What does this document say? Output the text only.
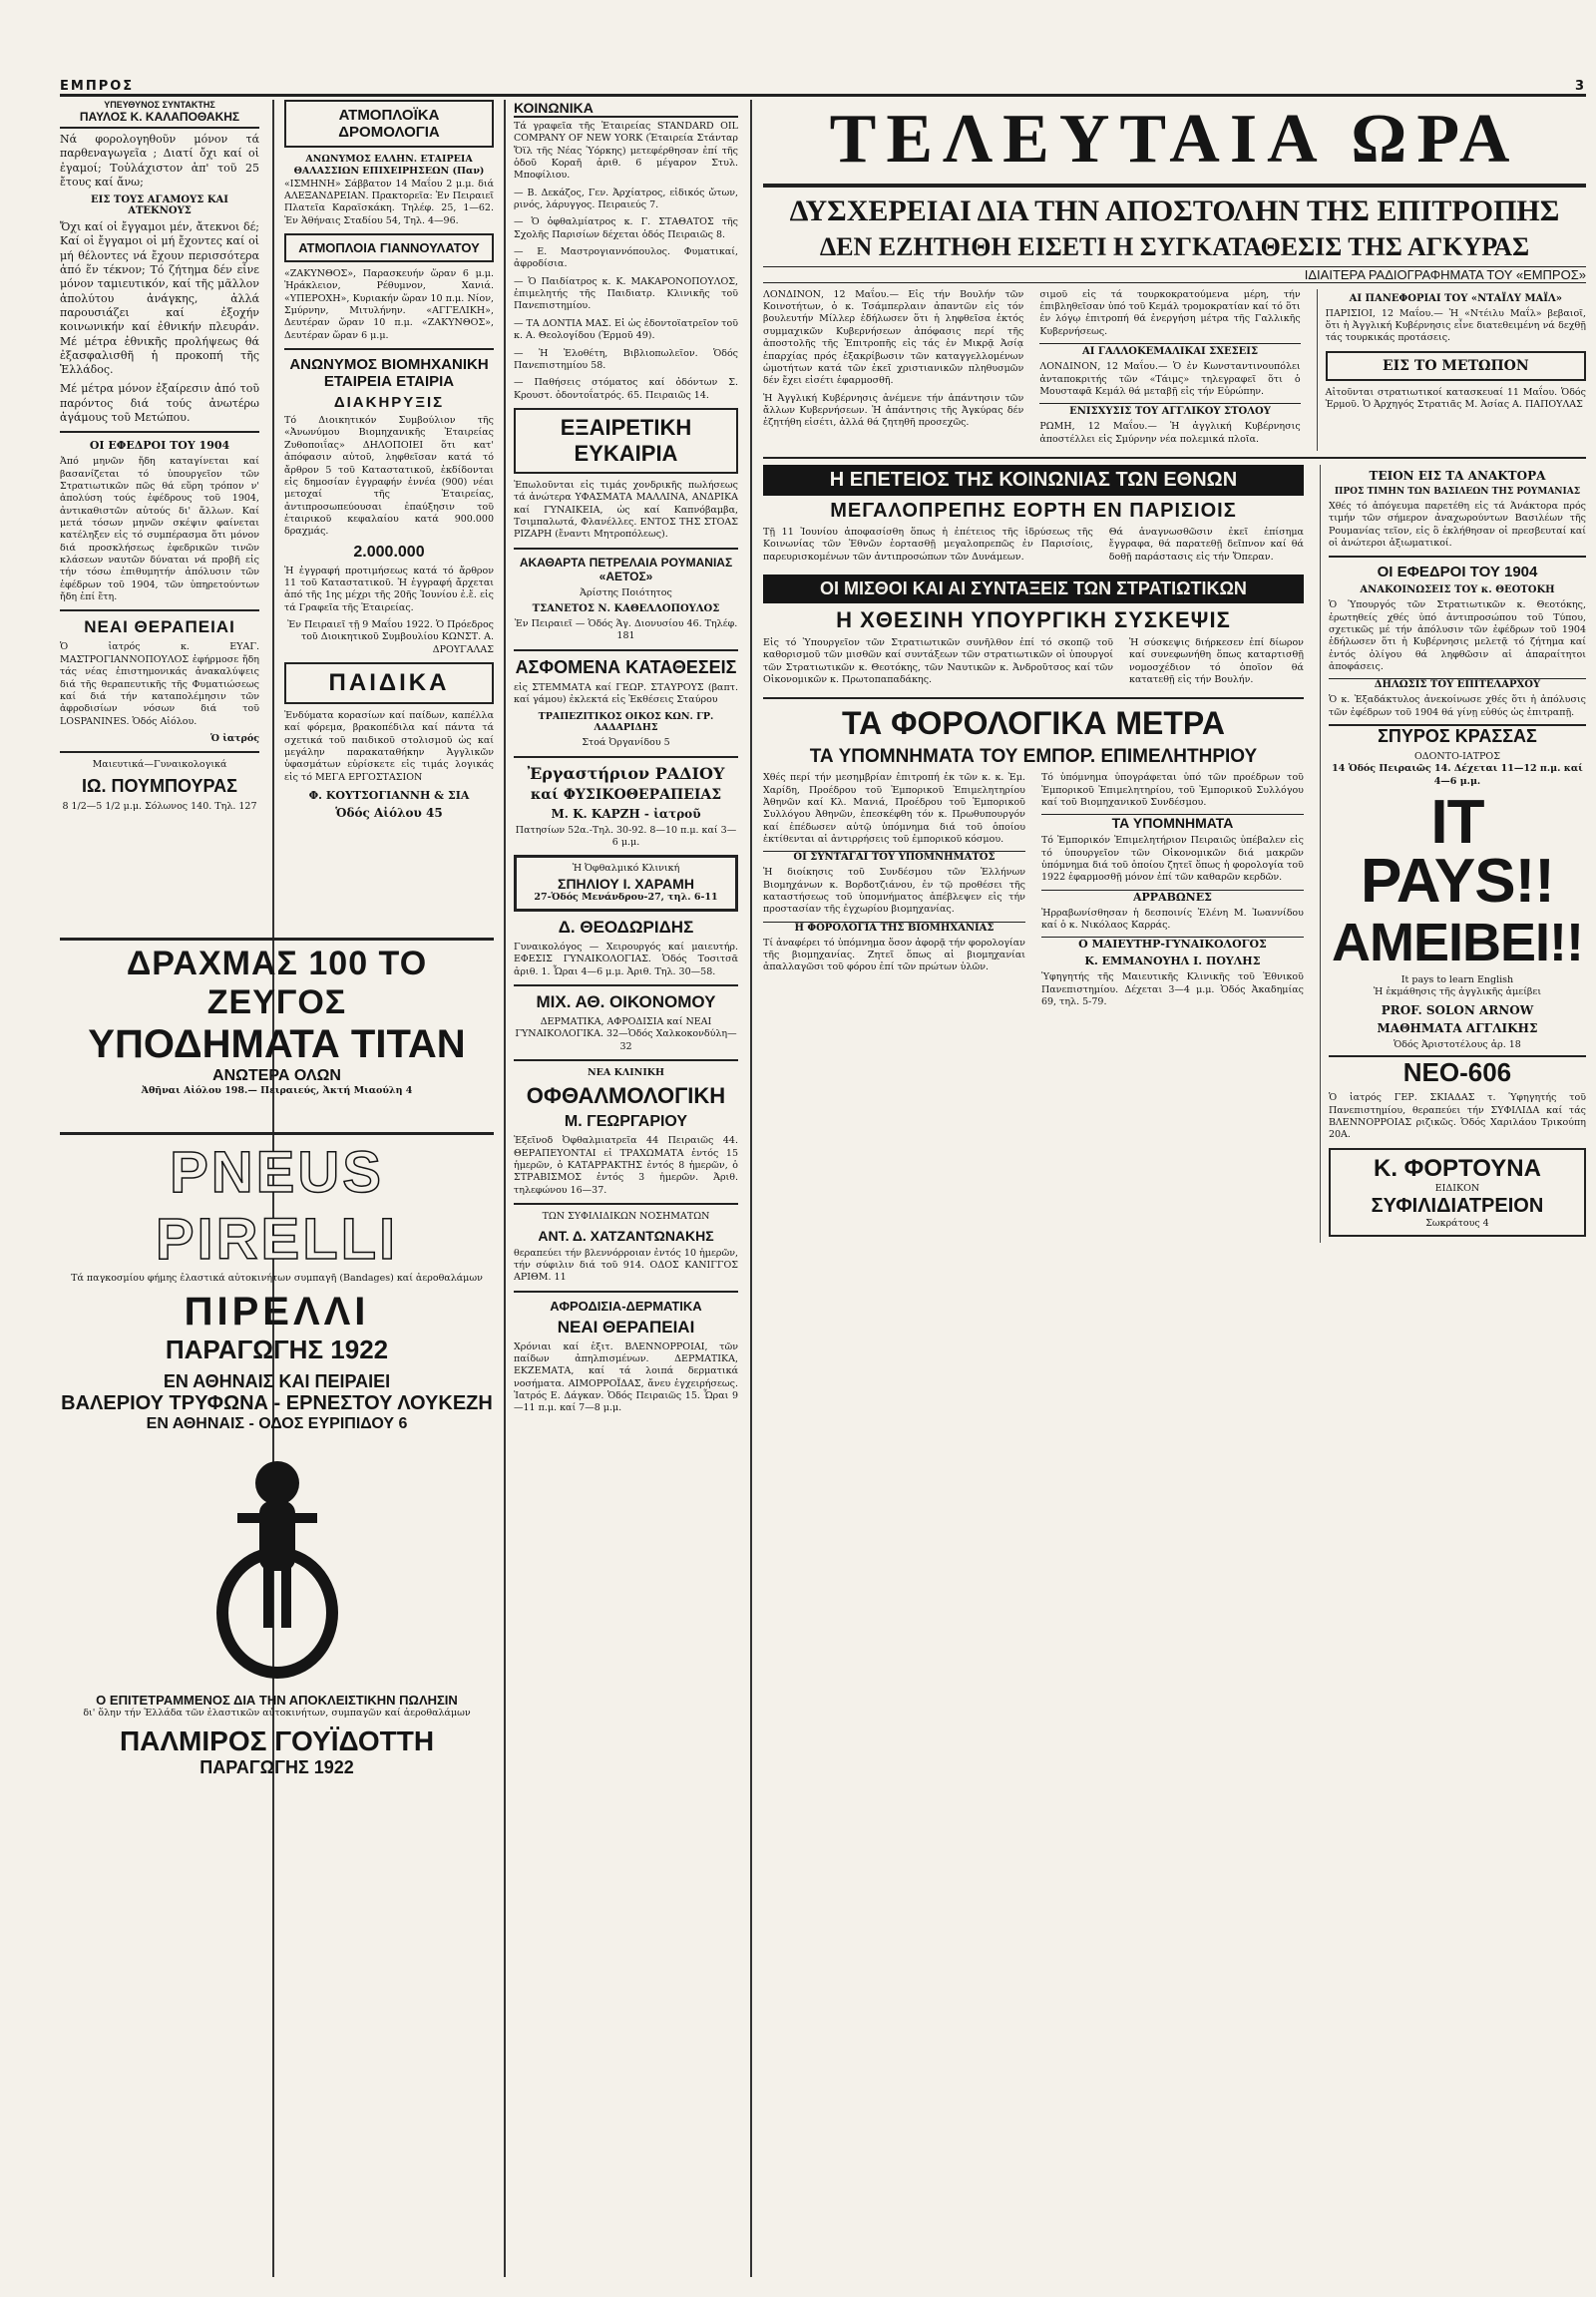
ΕΜΠΡΟΣ	3
ΥΠΕΥΘΥΝΟΣ ΣΥΝΤΑΚΤΗΣ
ΠΑΥΛΟΣ Κ. ΚΑΛΑΠΟΘΑΚΗΣ

Νά φορολογηθοῦν μόνον τά παρθεναγωγεῖα ; Διατί ὄχι καί οἱ ἐγαμοί; Τοὐλάχιστον ἀπ' τοῦ 25 ἔτους καί ἄνω;

ΕΙΣ ΤΟΥΣ ΑΓΑΜΟΥΣ ΚΑΙ ΑΤΕΚΝΟΥΣ

Ὄχι καί οἱ ἔγγαμοι μέν, ἄτεκνοι δέ; Καί οἱ ἔγγαμοι οἱ μή ἔχοντες καί οἱ μή θέλοντες νά ἔχουν περισσότερα ἀπό ἕν τέκνον; Τό ζήτημα δέν εἶνε μόνον ταμιευτικόν, καί τῆς μᾶλλον ἀπολύτου ἀνάγκης, ἀλλά παρουσιάζει καί ἐξοχήν κοινωνικήν καί ἐθνικήν πλευράν. Μέ μέτρα ἐθνικῆς προλήψεως θά ἐξασφαλισθῆ ἡ προκοπή τῆς Ἑλλάδος.

Μέ μέτρα μόνον ἐξαίρεσιν ἀπό τοῦ παρόντος διά τούς ἀνωτέρω ἀγάμους τοῦ Μετώπου.

ΟΙ ΕΦΕΔΡΟΙ ΤΟΥ 1904

Ἀπό μηνῶν ἤδη καταγίνεται καί βασανίζεται τό ὑπουργεῖον τῶν Στρατιωτικῶν πῶς θά εὕρη τρόπον ν' ἀπολύση τούς ἐφέδρους τοῦ 1904, ἀντικαθιστῶν αὐτούς δι' ἄλλων. Καί μετά τόσων μηνῶν σκέψιν φαίνεται κατέληξεν εἰς τό συμπέρασμα ὅτι μόνον διά προσκλήσεως ἐφεδρικῶν τινῶν κλάσεων ναυτῶν δύναται νά προβῆ εἰς τήν τόσω ἐπιθυμητήν ἀπόλυσιν τῶν ἐφέδρων τοῦ 1904, τῶν ὑπηρετούντων ἤδη ἐπί ἔτη.

ΝΕΑΙ ΘΕΡΑΠΕΙΑΙ

Ὁ ἰατρός κ. ΕΥΑΓ. ΜΑΣΤΡΟΓΙΑΝΝΟΠΟΥΛΟΣ ἐφήρμοσε ἤδη τάς νέας ἐπιστημονικάς ἀνακαλύψεις διά τῆς θεραπευτικῆς τῆς Φυματιώσεως καί διά τήν καταπολέμησιν τῶν ἀφροδισίων νόσων διά τοῦ LOSPANINES. Ὁδός Αἰόλου.

Ὁ ἰατρός
Μαιευτικά—Γυναικολογικά
ΙΩ. ΠΟΥΜΠΟΥΡΑΣ
8 1/2—5 1/2 μ.μ. Σόλωνος 140. Τηλ. 127
ΔΡΑΧΜΑΣ 100 ΤΟ ΖΕΥΓΟΣ
ΥΠΟΔΗΜΑΤΑ ΤΙΤΑΝ
ΑΝΩΤΕΡΑ ΟΛΩΝ
Ἀθῆναι Αἰόλου 198.— Πειραιεύς, Ἀκτή Μιαούλη 4
PNEUS PIRELLI

Τά παγκοσμίου φήμης ἐλαστικά αὐτοκινήτων συμπαγῆ (Bandages) καί ἀεροθαλάμων

ΠΙΡΕΛΛΙ
ΠΑΡΑΓΩΓΗΣ 1922
ΕΝ ΑΘΗΝΑΙΣ ΚΑΙ ΠΕΙΡΑΙΕΙ
ΒΑΛΕΡΙΟΥ ΤΡΥΦΩΝΑ - ΕΡΝΕΣΤΟΥ ΛΟΥΚΕΖΗ
ΕΝ ΑΘΗΝΑΙΣ - ΟΔΟΣ ΕΥΡΙΠΙΔΟΥ 6
Ο ΕΠΙΤΕΤΡΑΜΜΕΝΟΣ ΔΙΑ ΤΗΝ ΑΠΟΚΛΕΙΣΤΙΚΗΝ ΠΩΛΗΣΙΝ

δι' ὅλην τήν Ἑλλάδα τῶν ἐλαστικῶν αὐτοκινήτων, συμπαγῶν καί ἀεροθαλάμων

ΠΑΛΜΙΡΟΣ ΓΟΥΪΔΟΤΤΗ
ΠΑΡΑΓΩΓΗΣ 1922
ΑΤΜΟΠΛΟΪΚΑ ΔΡΟΜΟΛΟΓΙΑ
ΑΝΩΝΥΜΟΣ ΕΛΛΗΝ. ΕΤΑΙΡΕΙΑ ΘΑΛΑΣΣΙΩΝ ΕΠΙΧΕΙΡΗΣΕΩΝ (Παν)

«ΙΣΜΗΝΗ» Σάββατον 14 Μαΐου 2 μ.μ. διά ΑΛΕΞΑΝΔΡΕΙΑΝ. Πρακτορεῖα: Ἐν Πειραιεῖ Πλατεῖα Καραϊσκάκη. Τηλέφ. 25, 1—62. Ἐν Ἀθήναις Σταδίου 54, Τηλ. 4—96.

ΑΤΜΟΠΛΟΙΑ ΓΙΑΝΝΟΥΛΑΤΟΥ

«ΖΑΚΥΝΘΟΣ», Παρασκευήν ὥραν 6 μ.μ. Ἠράκλειον, Ρέθυμνον, Χανιά. «ΥΠΕΡΟΧΗ», Κυριακήν ὥραν 10 π.μ. Νίον, Σμύρνην, Μιτυλήνην. «ΑΓΓΕΛΙΚΗ», Δευτέραν ὥραν 10 π.μ. «ΖΑΚΥΝΘΟΣ», Δευτέραν ὥραν 6 μ.μ.

ΑΝΩΝΥΜΟΣ ΒΙΟΜΗΧΑΝΙΚΗ ΕΤΑΙΡΕΙΑ ΕΤΑΙΡΙΑ
ΔΙΑΚΗΡΥΞΙΣ

Τό Διοικητικόν Συμβούλιον τῆς «Ἀνωνύμου Βιομηχανικῆς Ἑταιρείας Ζυθοποιΐας» ΔΗΛΟΠΟΙΕΙ ὅτι κατ' ἀπόφασιν αὐτοῦ, ληφθεῖσαν κατά τό ἄρθρον 5 τοῦ Καταστατικοῦ, ἐκδίδονται εἰς δημοσίαν ἐγγραφήν ἐννέα (900) νέαι μετοχαί τῆς Ἑταιρείας, ἀντιπροσωπεύουσαι ἐπαύξησιν τοῦ ἑταιρικοῦ κεφαλαίου κατά 900.000 δραχμάς.

2.000.000

Ἡ ἐγγραφή προτιμήσεως κατά τό ἄρθρον 11 τοῦ Καταστατικοῦ. Ἡ ἐγγραφή ἄρχεται ἀπό τῆς 1ης μέχρι τῆς 20ῆς Ἰουνίου ἐ.ἔ. εἰς τά Γραφεῖα τῆς Ἑταιρείας.

Ἐν Πειραιεῖ τῇ 9 Μαΐου 1922. Ὁ Πρόεδρος τοῦ Διοικητικοῦ Συμβουλίου ΚΩΝΣΤ. Α. ΔΡΟΥΓΑΛΑΣ

ΠΑΙΔΙΚΑ

Ἐνδύματα κορασίων καί παίδων, καπέλλα καί φόρεμα, βρακοπέδιλα καί πάντα τά σχετικά τοῦ παιδικοῦ στολισμοῦ ὡς καί μεγάλην παρακαταθήκην Ἀγγλικῶν ὑφασμάτων εὑρίσκετε εἰς τιμάς λογικάς εἰς τό ΜΕΓΑ ΕΡΓΟΣΤΑΣΙΟΝ

Φ. ΚΟΥΤΣΟΓΙΑΝΝΗ & ΣΙΑ
Ὁδός Αἰόλου 45
ΚΟΙΝΩΝΙΚΑ

Τά γραφεῖα τῆς Ἑταιρείας STANDARD OIL COMPANY OF NEW YORK (Ἑταιρεία Στάνταρ Ὄϊλ τῆς Νέας Ὑόρκης) μετεφέρθησαν ἐπί τῆς ὁδοῦ Κοραῆ ἀριθ. 6 μέγαρον Στυλ. Μποφίλιου.

— Β. Δεκάζος, Γεν. Ἀρχίατρος, εἰδικός ὤτων, ρινός, λάρυγγος. Πειραιεύς 7.

— Ὁ ὀφθαλμίατρος κ. Γ. ΣΤΑΘΑΤΟΣ τῆς Σχολῆς Παρισίων δέχεται ὁδός Πειραιῶς 8.

— Ε. Μαστρογιαννόπουλος. Φυματικαί, ἀφροδίσια.

— Ὁ Παιδίατρος κ. Κ. ΜΑΚΑΡΟΝΟΠΟΥΛΟΣ, ἐπιμελητής τῆς Παιδιατρ. Κλινικῆς τοῦ Πανεπιστημίου.

— ΤΑ ΔΟΝΤΙΑ ΜΑΣ. Εἰ ὡς ἐδοντοϊατρεῖον τοῦ κ. Α. Θεολογίδου (Ἑρμοῦ 49).

— Ἡ Ἐλοθέτη, Βιβλιοπωλεῖον. Ὁδός Πανεπιστημίου 58.

— Παθήσεις στόματος καί ὀδόντων Σ. Κρουστ. ὀδοντοΐατρός. 65. Πειραιῶς 14.

ΕΞΑΙΡΕΤΙΚΗ ΕΥΚΑΙΡΙΑ

Ἐπωλοῦνται εἰς τιμάς χονδρικῆς πωλήσεως τά ἀνώτερα ΥΦΑΣΜΑΤΑ ΜΑΛΛΙΝΑ, ΑΝΔΡΙΚΑ καί ΓΥΝΑΙΚΕΙΑ, ὡς καί Καπνόβαμβα, Τσιμπαλωτά, Φλανέλλες. ΕΝΤΟΣ ΤΗΣ ΣΤΟΑΣ ΡΙΖΑΡΗ (ἔναντι Μητροπόλεως).

ΑΚΑΘΑΡΤΑ ΠΕΤΡΕΛΑΙΑ ΡΟΥΜΑΝΙΑΣ «ΑΕΤΟΣ»
Ἀρίστης Ποιότητος
ΤΣΑΝΕΤΟΣ Ν. ΚΑΘΕΛΛΟΠΟΥΛΟΣ
Ἐν Πειραιεῖ — Ὁδός Ἁγ. Διονυσίου 46. Τηλέφ. 181
ΑΣΦΟΜΕΝΑ ΚΑΤΑΘΕΣΕΙΣ

εἰς ΣΤΕΜΜΑΤΑ καί ΓΕΩΡ. ΣΤΑΥΡΟΥΣ (βαπτ. καί γάμου) ἐκλεκτά εἰς Ἐκθέσεις Σταύρου

ΤΡΑΠΕΖΙΤΙΚΟΣ ΟΙΚΟΣ ΚΩΝ. ΓΡ. ΛΑΔΑΡΙΔΗΣ
Στοά Ὀργανίδου 5
Ἐργαστήριον ΡΑΔΙΟΥ
καί ΦΥΣΙΚΟΘΕΡΑΠΕΙΑΣ
Μ. Κ. ΚΑΡΖΗ - ἰατροῦ
Πατησίων 52α.-Τηλ. 30-92. 8—10 π.μ. καί 3—6 μ.μ.
Ἡ Ὀφθαλμικό Κλινική
ΣΠΗΛΙΟΥ Ι. ΧΑΡΑΜΗ
27-Ὁδός Μενάνδρου-27, τηλ. 6-11
Δ. ΘΕΟΔΩΡΙΔΗΣ

Γυναικολόγος — Χειρουργός καί μαιευτήρ. ΕΦΕΣΙΣ ΓΥΝΑΙΚΟΛΟΓΙΑΣ. Ὁδός Τοσιτσᾶ ἀριθ. 1. Ὧραι 4—6 μ.μ. Ἀριθ. Τηλ. 30—58.

ΜΙΧ. ΑΘ. ΟΙΚΟΝΟΜΟΥ

ΔΕΡΜΑΤΙΚΑ, ΑΦΡΟΔΙΣΙΑ καί ΝΕΑΙ ΓΥΝΑΙΚΟΛΟΓΙΚΑ. 32—Ὁδός Χαλκοκονδύλη—32

ΝΕΑ ΚΛΙΝΙΚΗ
ΟΦΘΑΛΜΟΛΟΓΙΚΗ
Μ. ΓΕΩΡΓΑΡΙΟΥ

Ἐξεῖνοδ Ὀφθαλμιατρεῖα 44 Πειραιῶς 44. ΘΕΡΑΠΕΥΟΝΤΑΙ εἰ ΤΡΑΧΩΜΑΤΑ ἐντός 15 ἡμερῶν, ὁ ΚΑΤΑΡΡΑΚΤΗΣ ἐντός 8 ἡμερῶν, ὁ ΣΤΡΑΒΙΣΜΟΣ ἐντός 3 ἡμερῶν. Ἀριθ. τηλεφώνου 16—37.

ΤΩΝ ΣΥΦΙΛΙΔΙΚΩΝ ΝΟΣΗΜΑΤΩΝ
ΑΝΤ. Δ. ΧΑΤΖΑΝΤΩΝΑΚΗΣ

θεραπεύει τήν βλεννόρροιαν ἐντός 10 ἡμερῶν, τήν σύφιλιν διά τοῦ 914. ΟΔΟΣ ΚΑΝΙΓΓΟΣ ΑΡΙΘΜ. 11

ΑΦΡΟΔΙΣΙΑ-ΔΕΡΜΑΤΙΚΑ
ΝΕΑΙ ΘΕΡΑΠΕΙΑΙ

Χρόνιαι καί ἐξιτ. ΒΛΕΝΝΟΡΡΟΙΑΙ, τῶν παίδων ἀπηλπισμένων. ΔΕΡΜΑΤΙΚΑ, ΕΚΖΕΜΑΤΑ, καί τά λοιπά δερματικά νοσήματα. ΑΙΜΟΡΡΟΪΔΑΣ, ἄνευ ἐγχειρήσεως. Ἰατρός Ε. Δάγκαν. Ὁδός Πειραιῶς 15. Ὧραι 9—11 π.μ. καί 7—8 μ.μ.

ΤΕΛΕΥΤΑΙΑ ΩΡΑ
ΔΥΣΧΕΡΕΙΑΙ ΔΙΑ ΤΗΝ ΑΠΟΣΤΟΛΗΝ ΤΗΣ ΕΠΙΤΡΟΠΗΣ
ΔΕΝ ΕΖΗΤΗΘΗ ΕΙΣΕΤΙ Η ΣΥΓΚΑΤΑΘΕΣΙΣ ΤΗΣ ΑΓΚΥΡΑΣ
ΙΔΙΑΙΤΕΡΑ ΡΑΔΙΟΓΡΑΦΗΜΑΤΑ ΤΟΥ «ΕΜΠΡΟΣ»

ΛΟΝΔΙΝΟΝ, 12 Μαΐου.— Εἰς τήν Βουλήν τῶν Κοινοτήτων, ὁ κ. Τσάμπερλαιν ἀπαντῶν εἰς τόν βουλευτήν Μίλλερ ἐδήλωσεν ὅτι ἡ ληφθεῖσα ἐκτός συμμαχικῶν Κυβερνήσεων ἀπόφασις περί τῆς ἀποστολῆς τῆς Ἐπιτροπῆς εἰς τάς ἐν Μικρᾷ Ἀσίᾳ ἐπαρχίας πρός ἐξακρίβωσιν τῶν καταγγελλομένων ὠμοτήτων κατά τῶν ἐκεῖ χριστιανικῶν πληθυσμῶν δέν ἔχει εἰσέτι ἐφαρμοσθῆ.

Ἡ Ἀγγλική Κυβέρνησις ἀνέμενε τήν ἀπάντησιν τῶν ἄλλων Κυβερνήσεων. Ἡ ἀπάντησις τῆς Ἀγκύρας δέν ἐζητήθη εἰσέτι, ἀλλά θά ζητηθῆ προσεχῶς.

σιμοῦ εἰς τά τουρκοκρατούμενα μέρη, τήν ἐπιβληθεῖσαν ὑπό τοῦ Κεμάλ τρομοκρατίαν καί τό ὅτι ἐν λόγῳ ἐπιτροπή θά ἐνεργήση μέτρα τῆς Γαλλικῆς Κυβερνήσεως.

ΑΙ ΓΑΛΛΟΚΕΜΑΛΙΚΑΙ ΣΧΕΣΕΙΣ

ΛΟΝΔΙΝΟΝ, 12 Μαΐου.— Ὁ ἐν Κωνσταντινουπόλει ἀνταποκριτής τῶν «Τάιμς» τηλεγραφεῖ ὅτι ὁ Μουσταφᾶ Κεμάλ θά μεταβῇ εἰς τήν Εὐρώπην.

ΕΝΙΣΧΥΣΙΣ ΤΟΥ ΑΓΓΛΙΚΟΥ ΣΤΟΛΟΥ

ΡΩΜΗ, 12 Μαΐου.— Ἡ ἀγγλική Κυβέρνησις ἀποστέλλει εἰς Σμύρνην νέα πολεμικά πλοῖα.

ΑΙ ΠΑΝΕΦΟΡΙΑΙ ΤΟΥ «ΝΤΑΪΛΥ ΜΑΪΛ»

ΠΑΡΙΣΙΟΙ, 12 Μαΐου.— Ἡ «Ντέιλυ Μαΐλ» βεβαιοῖ, ὅτι ἡ Ἀγγλική Κυβέρνησις εἶνε διατεθειμένη νά δεχθῇ τάς τουρκικάς προτάσεις.

ΕΙΣ ΤΟ ΜΕΤΩΠΟΝ

Αἰτοῦνται στρατιωτικοί κατασκευαί 11 Μαΐου. Ὁδός Ἑρμοῦ. Ὁ Ἀρχηγός Στρατιᾶς Μ. Ἀσίας Α. ΠΑΠΟΥΛΑΣ

Η ΕΠΕΤΕΙΟΣ ΤΗΣ ΚΟΙΝΩΝΙΑΣ ΤΩΝ ΕΘΝΩΝ
ΜΕΓΑΛΟΠΡΕΠΗΣ ΕΟΡΤΗ ΕΝ ΠΑΡΙΣΙΟΙΣ

Τῇ 11 Ἰουνίου ἀποφασίσθη ὅπως ἡ ἐπέτειος τῆς ἱδρύσεως τῆς Κοινωνίας τῶν Ἐθνῶν ἑορτασθῇ μεγαλοπρεπῶς ἐν Παρισίοις, παρευρισκομένων τῶν ἀντιπροσώπων τῶν Δυνάμεων.

Θά ἀναγνωσθῶσιν ἐκεῖ ἐπίσημα ἔγγραφα, θά παρατεθῇ δεῖπνον καί θά δοθῇ παράστασις εἰς τήν Ὄπεραν.

ΟΙ ΜΙΣΘΟΙ ΚΑΙ ΑΙ ΣΥΝΤΑΞΕΙΣ ΤΩΝ ΣΤΡΑΤΙΩΤΙΚΩΝ
Η ΧΘΕΣΙΝΗ ΥΠΟΥΡΓΙΚΗ ΣΥΣΚΕΨΙΣ

Εἰς τό Ὑπουργεῖον τῶν Στρατιωτικῶν συνῆλθον ἐπί τό σκοπῷ τοῦ καθορισμοῦ τῶν μισθῶν καί συντάξεων τῶν στρατιωτικῶν οἱ ὑπουργοί τῶν Στρατιωτικῶν κ. Θεοτόκης, τῶν Ναυτικῶν κ. Ἀνδροῦτσος καί τῶν Οἰκονομικῶν κ. Πρωτοπαπαδάκης.

Ἡ σύσκεψις διήρκεσεν ἐπί δίωρον καί συνεφωνήθη ὅπως καταρτισθῇ νομοσχέδιον τό ὁποῖον θά κατατεθῇ εἰς τήν Βουλήν.

ΤΑ ΦΟΡΟΛΟΓΙΚΑ ΜΕΤΡΑ
ΤΑ ΥΠΟΜΝΗΜΑΤΑ ΤΟΥ ΕΜΠΟΡ. ΕΠΙΜΕΛΗΤΗΡΙΟΥ

Χθές περί τήν μεσημβρίαν ἐπιτροπή ἐκ τῶν κ. κ. Ἐμ. Χαρίδη, Προέδρου τοῦ Ἐμπορικοῦ Ἐπιμελητηρίου Ἀθηνῶν καί Κλ. Μανιά, Προέδρου τοῦ Ἐμπορικοῦ Συλλόγου Ἀθηνῶν, ἐπεσκέφθη τόν κ. Πρωθυπουργόν καί ἐπέδωσεν αὐτῷ ὑπόμνημα διά τοῦ ὁποίου ἐκτίθενται αἱ ἀντιρρήσεις τοῦ ἐμπορικοῦ κόσμου.

ΟΙ ΣΥΝΤΑΓΑΙ ΤΟΥ ΥΠΟΜΝΗΜΑΤΟΣ

Ἡ διοίκησις τοῦ Συνδέσμου τῶν Ἑλλήνων Βιομηχάνων κ. Βορδοτζιάνου, ἐν τῷ προθέσει τῆς καταστήσεως τοῦ ὑπομνήματος ἀπέβλεψεν εἰς τήν προστασίαν τῆς ἐγχωρίου βιομηχανίας.

Η ΦΟΡΟΛΟΓΙΑ ΤΗΣ ΒΙΟΜΗΧΑΝΙΑΣ

Τί ἀναφέρει τό ὑπόμνημα ὅσον ἀφορᾷ τήν φορολογίαν τῆς βιομηχανίας. Ζητεῖ ὅπως αἱ βιομηχανίαι ἀπαλλαγῶσι τοῦ φόρου ἐπί τῶν πρώτων ὑλῶν.

Τό ὑπόμνημα ὑπογράφεται ὑπό τῶν προέδρων τοῦ Ἐμπορικοῦ Ἐπιμελητηρίου, τοῦ Ἐμπορικοῦ Συλλόγου καί τοῦ Βιομηχανικοῦ Συνδέσμου.

ΤΑ ΥΠΟΜΝΗΜΑΤΑ

Τό Ἐμπορικόν Ἐπιμελητήριον Πειραιῶς ὑπέβαλεν εἰς τό ὑπουργεῖον τῶν Οἰκονομικῶν διά μακρῶν ὑπόμνημα διά τοῦ ὁποίου ζητεῖ ὅπως ἡ φορολογία τοῦ 1922 ἐφαρμοσθῇ μόνον ἐπί τῶν καθαρῶν κερδῶν.

ΑΡΡΑΒΩΝΕΣ

Ἠρραβωνίσθησαν ἡ δεσποινίς Ἑλένη Μ. Ἰωαννίδου καί ὁ κ. Νικόλαος Καρράς.

Ο ΜΑΙΕΥΤΗΡ-ΓΥΝΑΙΚΟΛΟΓΟΣ
Κ. ΕΜΜΑΝΟΥΗΛ Ι. ΠΟΥΛΗΣ

Ὑφηγητής τῆς Μαιευτικῆς Κλινικῆς τοῦ Ἐθνικοῦ Πανεπιστημίου. Δέχεται 3—4 μ.μ. Ὁδός Ἀκαδημίας 69, τηλ. 5-79.

ΤΕΙΟΝ ΕΙΣ ΤΑ ΑΝΑΚΤΟΡΑ
ΠΡΟΣ ΤΙΜΗΝ ΤΩΝ ΒΑΣΙΛΕΩΝ ΤΗΣ ΡΟΥΜΑΝΙΑΣ

Χθές τό ἀπόγευμα παρετέθη εἰς τά Ἀνάκτορα πρός τιμήν τῶν σήμερον ἀναχωρούντων Βασιλέων τῆς Ρουμανίας τεῖον, εἰς ὃ ἐκλήθησαν οἱ πρεσβευταί καί οἱ ἀνώτεροι ἀξιωματικοί.

ΟΙ ΕΦΕΔΡΟΙ ΤΟΥ 1904
ΑΝΑΚΟΙΝΩΣΕΙΣ ΤΟΥ κ. ΘΕΟΤΟΚΗ

Ὁ Ὑπουργός τῶν Στρατιωτικῶν κ. Θεοτόκης, ἐρωτηθείς χθές ὑπό ἀντιπροσώπου τοῦ Τύπου, σχετικῶς μέ τήν ἀπόλυσιν τῶν ἐφέδρων τοῦ 1904 ἐδήλωσεν ὅτι ἡ Κυβέρνησις μελετᾷ τό ζήτημα καί ἐντός ὀλίγου θά ληφθῶσιν αἱ ἀπαραίτητοι ἀποφάσεις.

ΔΗΛΩΣΙΣ ΤΟΥ ΕΠΙΤΕΛΑΡΧΟΥ

Ὁ κ. Ἐξαδάκτυλος ἀνεκοίνωσε χθές ὅτι ἡ ἀπόλυσις τῶν ἐφέδρων τοῦ 1904 θά γίνῃ εὐθύς ὡς ἐπιτραπῇ.

ΣΠΥΡΟΣ ΚΡΑΣΣΑΣ
ΟΔΟΝΤΟ-ΙΑΤΡΟΣ
14 Ὁδός Πειραιῶς 14. Δέχεται 11—12 π.μ. καί 4—6 μ.μ.
IT PAYS!!
ΑΜΕΙΒΕΙ!!
It pays to learn English
Ἡ ἐκμάθησις τῆς ἀγγλικῆς ἀμείβει
PROF. SOLON ARNOW
ΜΑΘΗΜΑΤΑ ΑΓΓΛΙΚΗΣ
Ὁδός Ἀριστοτέλους ἀρ. 18
ΝΕΟ-606

Ὁ ἰατρός ΓΕΡ. ΣΚΙΑΔΑΣ τ. Ὑφηγητής τοῦ Πανεπιστημίου, θεραπεύει τήν ΣΥΦΙΛΙΔΑ καί τάς ΒΛΕΝΝΟΡΡΟΙΑΣ ριζικῶς. Ὁδός Χαριλάου Τρικούπη 20Α.

Κ. ΦΟΡΤΟΥΝΑ
ΕΙΔΙΚΟΝ
ΣΥΦΙΛΙΔΙΑΤΡΕΙΟΝ
Σωκράτους 4
